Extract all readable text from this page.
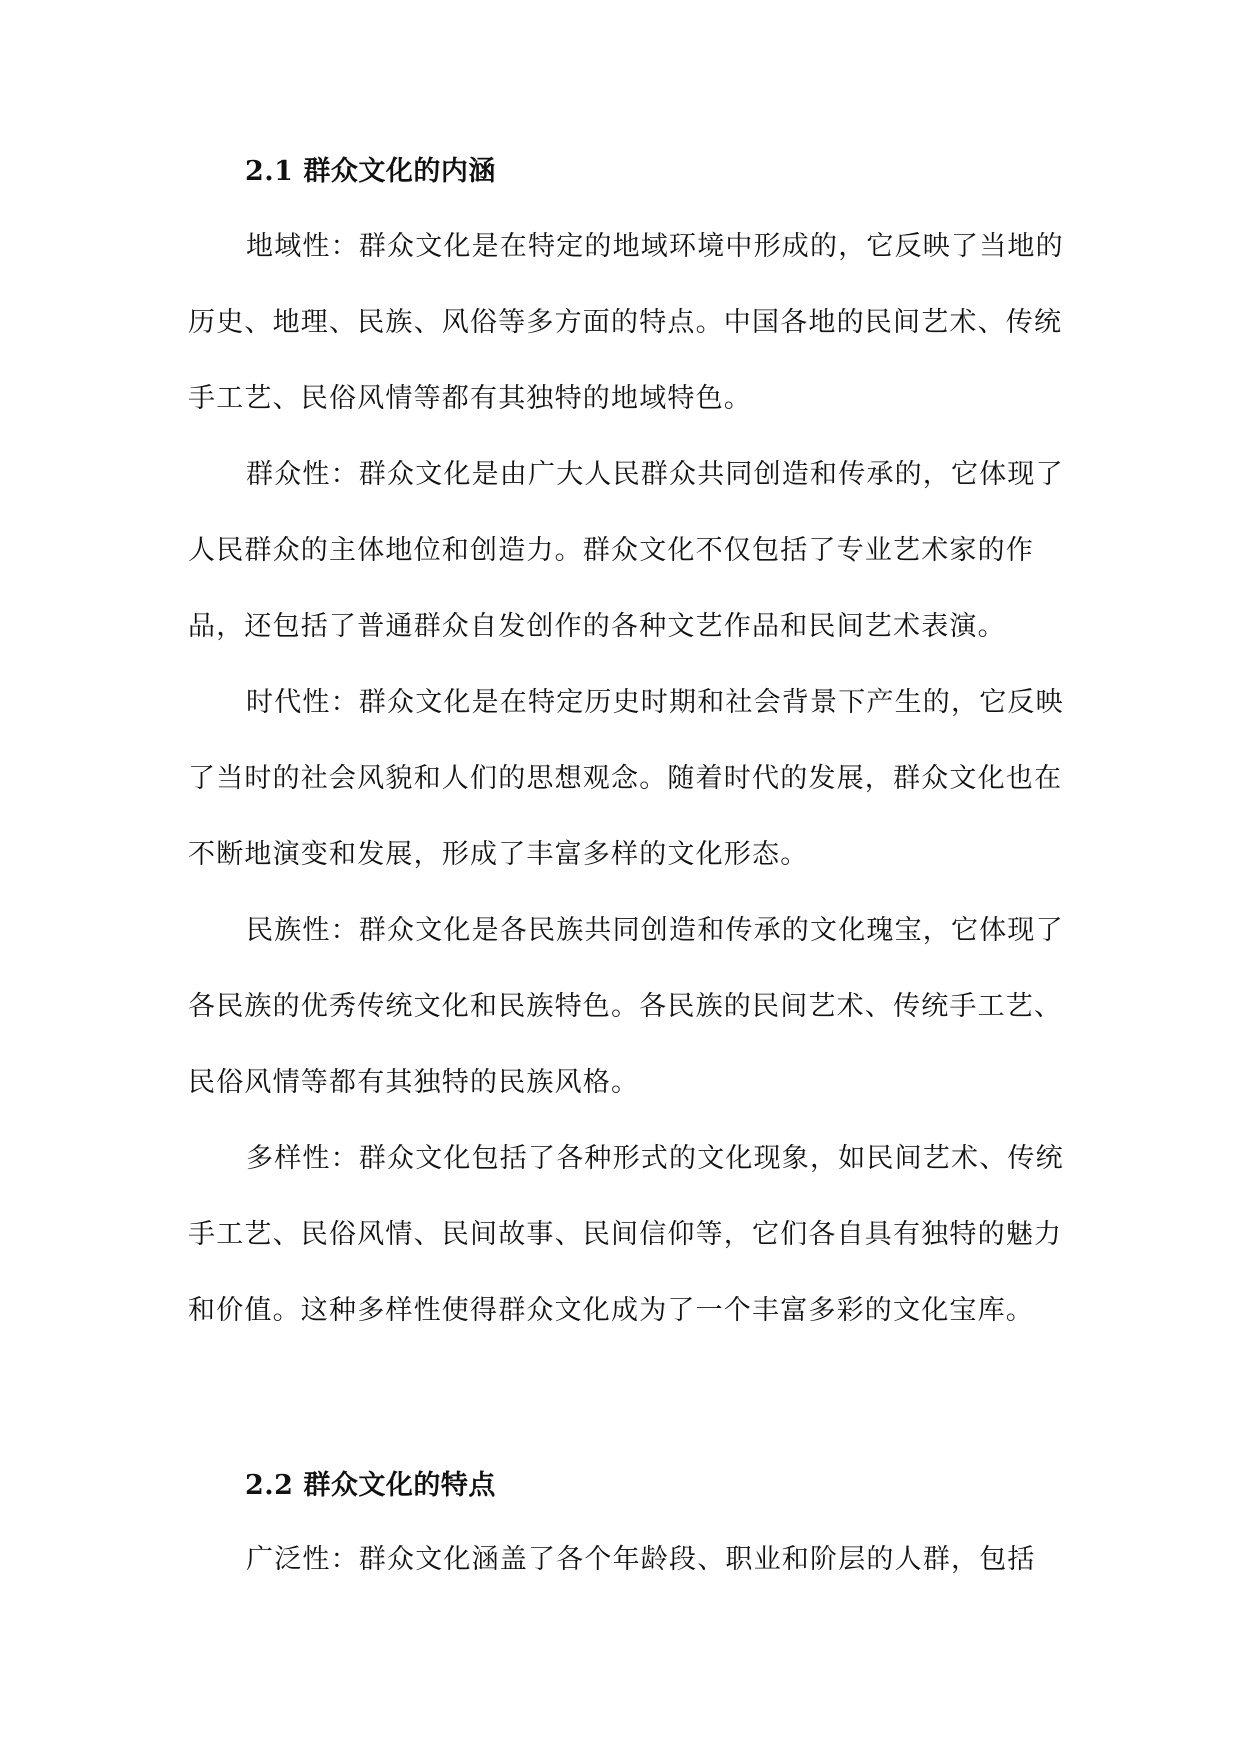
2.1 群众文化的内涵

地域性：群众文化是在特定的地域环境中形成的，它反映了当地的历史、地理、民族、风俗等多方面的特点。中国各地的民间艺术、传统手工艺、民俗风情等都有其独特的地域特色。

群众性：群众文化是由广大人民群众共同创造和传承的，它体现了人民群众的主体地位和创造力。群众文化不仅包括了专业艺术家的作品，还包括了普通群众自发创作的各种文艺作品和民间艺术表演。

时代性：群众文化是在特定历史时期和社会背景下产生的，它反映了当时的社会风貌和人们的思想观念。随着时代的发展，群众文化也在不断地演变和发展，形成了丰富多样的文化形态。

民族性：群众文化是各民族共同创造和传承的文化瑰宝，它体现了各民族的优秀传统文化和民族特色。各民族的民间艺术、传统手工艺、民俗风情等都有其独特的民族风格。

多样性：群众文化包括了各种形式的文化现象，如民间艺术、传统手工艺、民俗风情、民间故事、民间信仰等，它们各自具有独特的魅力和价值。这种多样性使得群众文化成为了一个丰富多彩的文化宝库。

2.2 群众文化的特点

广泛性：群众文化涵盖了各个年龄段、职业和阶层的人群，包括
